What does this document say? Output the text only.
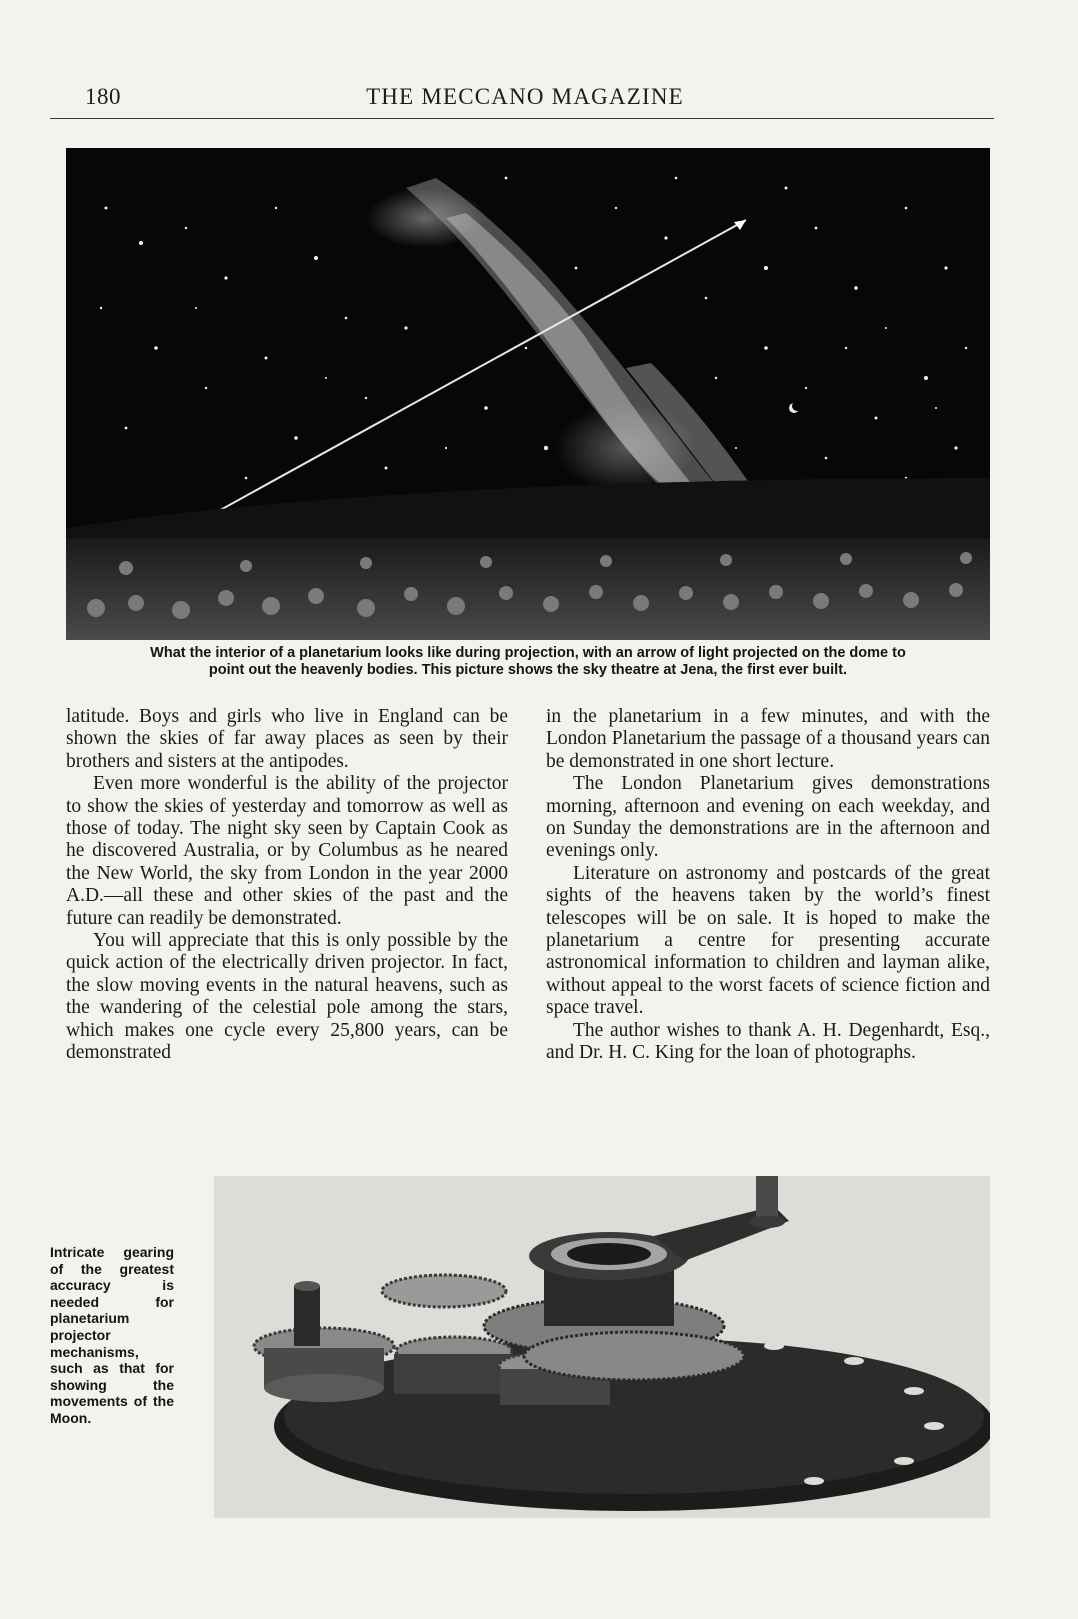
180	THE MECCANO MAGAZINE
What the interior of a planetarium looks like during projection, with an arrow of light projected on the dome to
point out the heavenly bodies. This picture shows the sky theatre at Jena, the first ever built.

latitude. Boys and girls who live in England can be shown the skies of far away places as seen by their brothers and sisters at the antipodes.

Even more wonderful is the ability of the projector to show the skies of yesterday and tomorrow as well as those of today. The night sky seen by Captain Cook as he discovered Australia, or by Columbus as he neared the New World, the sky from London in the year 2000 A.D.—all these and other skies of the past and the future can readily be demonstrated.

You will appreciate that this is only possible by the quick action of the electrically driven projector. In fact, the slow moving events in the natural heavens, such as the wandering of the celestial pole among the stars, which makes one cycle every 25,800 years, can be demonstrated

in the planetarium in a few minutes, and with the London Planetarium the passage of a thousand years can be demonstrated in one short lecture.

The London Planetarium gives demonstrations morning, afternoon and evening on each weekday, and on Sunday the demonstrations are in the afternoon and evenings only.

Literature on astronomy and postcards of the great sights of the heavens taken by the world’s finest telescopes will be on sale. It is hoped to make the planetarium a centre for presenting accurate astronomical information to children and layman alike, without appeal to the worst facets of science fiction and space travel.

The author wishes to thank A. H. Degenhardt, Esq., and Dr. H. C. King for the loan of photographs.

Intricate gearing of the greatest accuracy is needed for planetarium projector mechanisms, such as that for showing the movements of the Moon.
